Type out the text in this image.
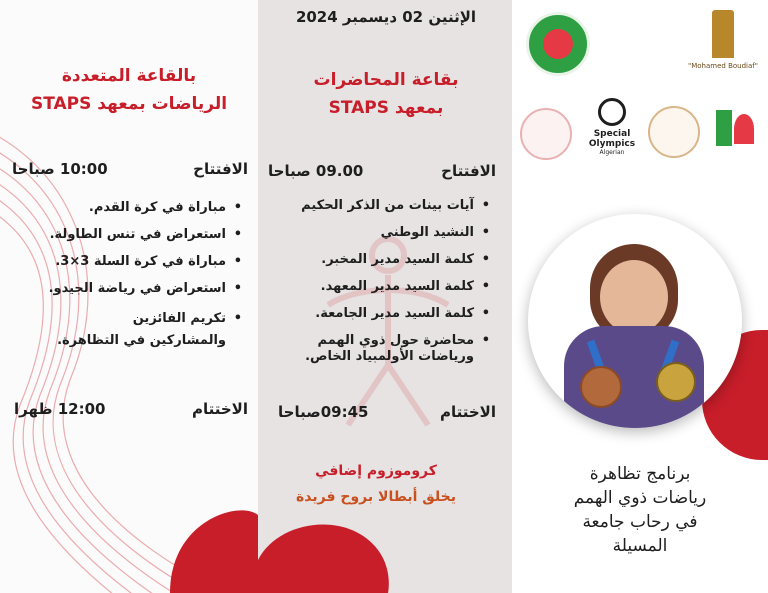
بالقاعة المتعددة
الرياضات بمعهد STAPS
الافتتاح
10:00 صباحا
• مباراة في كرة القدم.
• استعراض في تنس الطاولة.
• مباراة في كرة السلة 3×3.
• استعراض في رياضة الجيدو.
• تكريم الفائزين والمشاركين في التظاهرة.
الاختتام
12:00 ظهرا
الإثنين 02 ديسمبر 2024
بقاعة المحاضرات
بمعهد STAPS
الافتتاح
09.00 صباحا
• آيات بينات من الذكر الحكيم
• النشيد الوطني
• كلمة السيد مدير المخبر.
• كلمة السيد مدير المعهد.
• كلمة السيد مدير الجامعة.
• محاضرة حول ذوي الهمم ورياضات الأولمبياد الخاص.
الاختتام
09:45صباحا
كروموزوم إضافي
يخلق أبطالا بروح فريدة
"Mohamed Boudiaf"
Special
Olympics
Algerian
برنامج تظاهرة
رياضات ذوي الهمم
في رحاب جامعة
المسيلة
